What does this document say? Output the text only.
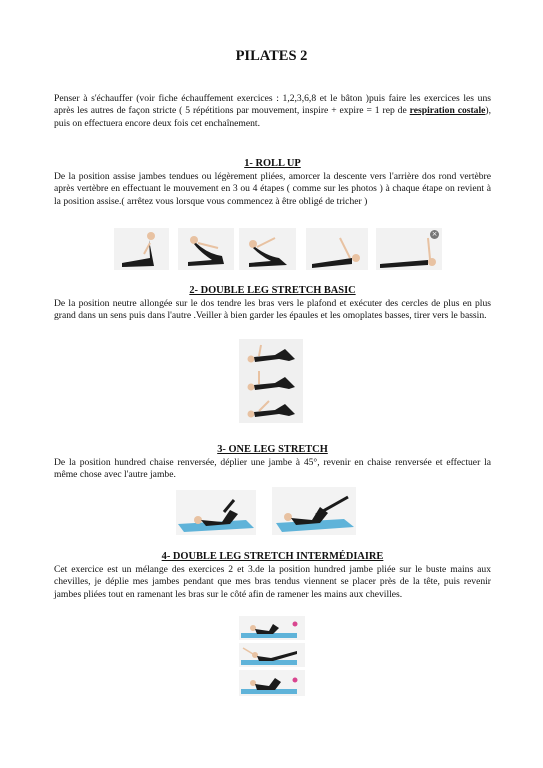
PILATES 2

Penser à s'échauffer (voir fiche échauffement exercices : 1,2,3,6,8 et le bâton )puis faire les exercices les uns après les autres de façon stricte ( 5 répétitions par mouvement, inspire + expire = 1 rep de respiration costale), puis on effectuera encore deux fois cet enchaînement.

1- ROLL UP

De la position assise jambes tendues ou légèrement pliées, amorcer la descente vers l'arrière dos rond vertèbre après vertèbre en effectuant le mouvement en 3 ou 4 étapes ( comme sur les photos ) à chaque étape on revient à la position assise.( arrêtez vous lorsque vous commencez à être obligé de tricher )

×

2- DOUBLE LEG STRETCH BASIC

De la position neutre allongée sur le dos tendre les bras vers le plafond et exécuter des cercles de plus en plus grand dans un sens puis dans l'autre .Veiller à bien garder les épaules et les omoplates basses, tirer vers le bassin.

3- ONE LEG STRETCH

De la position hundred chaise renversée, déplier une jambe à 45°, revenir en chaise renversée et effectuer la même chose avec l'autre jambe.

4- DOUBLE LEG STRETCH INTERMÉDIAIRE

Cet exercice est un mélange des exercices 2 et 3.de la position hundred jambe pliée sur le buste mains aux chevilles, je déplie mes jambes pendant que mes bras tendus viennent se placer près de la tête, puis revenir jambes pliées tout en ramenant les bras sur le côté afin de ramener les mains aux chevilles.
